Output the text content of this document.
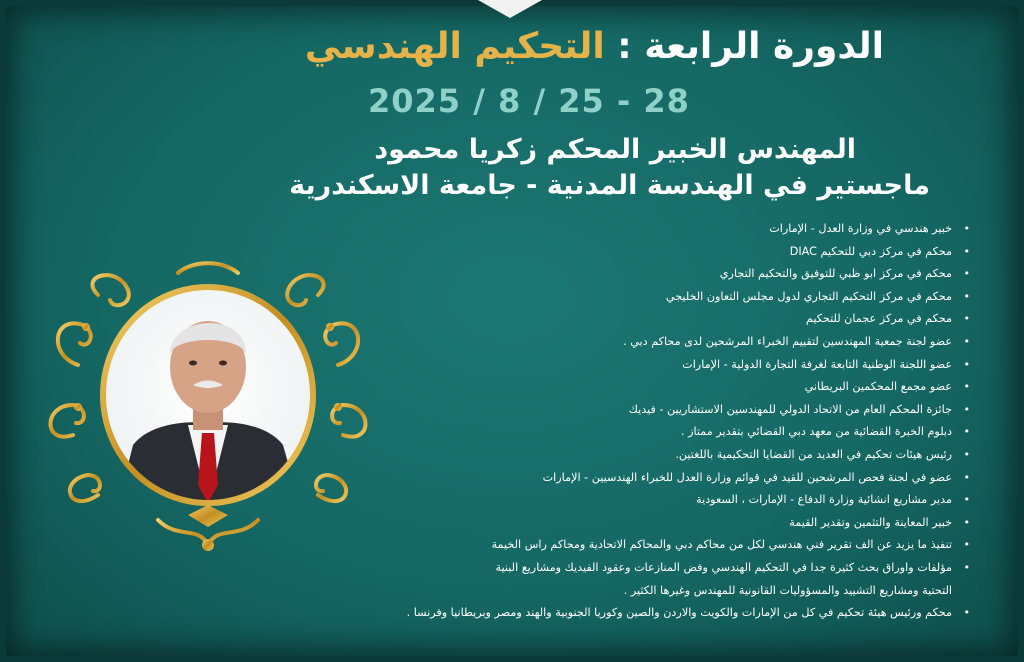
الدورة الرابعة : التحكيم الهندسي
2025 / 8 / 25 - 28
المهندس الخبير المحكم زكريا محمود
ماجستير في الهندسة المدنية - جامعة الاسكندرية
• خبير هندسي في وزارة العدل - الإمارات
• محكم في مركز دبي للتحكيم DIAC
• محكم في مركز ابو ظبي للتوفيق والتحكيم التجاري
• محكم في مركز التحكيم التجاري لدول مجلس التعاون الخليجي
• محكم في مركز عجمان للتحكيم
• عضو لجنة جمعية المهندسين لتقييم الخبراء المرشحين لدى محاكم دبي .
• عضو اللجنة الوطنية التابعة لغرفة التجارة الدولية - الإمارات
• عضو مجمع المحكمين البريطاني
• جائزة المحكم العام من الاتحاد الدولي للمهندسين الاستشاريين - فيديك
• دبلوم الخبرة القضائية من معهد دبي القضائي بتقدير ممتاز .
• رئيس هيئات تحكيم في العديد من القضايا التحكيمية باللغتين.
• عضو في لجنة فحص المرشحين للقيد في قوائم وزارة العدل للخبراء الهندسيين - الإمارات
• مدير مشاريع انشائية وزارة الدفاع - الإمارات ، السعودية
• خبير المعاينة والتثمين وتقدير القيمة
• تنفيذ ما يزيد عن الف تقرير فني هندسي لكل من محاكم دبي والمحاكم الاتحادية ومحاكم راس الخيمة
• مؤلفات واوراق بحث كثيرة جدا في التحكيم الهندسي وفض المنازعات وعقود الفيديك ومشاريع البنية
التحتية ومشاريع التشييد والمسؤوليات القانونية للمهندس وغيرها الكثير .
• محكم ورئيس هيئة تحكيم في كل من الإمارات والكويت والاردن والصين وكوريا الجنوبية والهند ومصر وبريطانيا وفرنسا .
